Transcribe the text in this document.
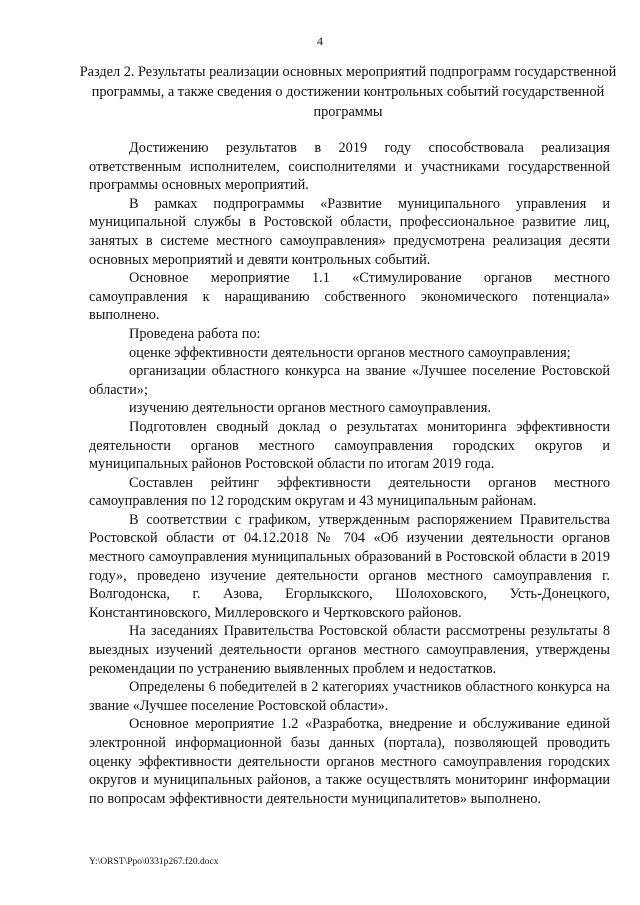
4
Раздел 2. Результаты реализации основных мероприятий подпрограмм государственной программы, а также сведения о достижении контрольных событий государственной программы

Достижению результатов в 2019 году способствовала реализация ответственным исполнителем, соисполнителями и участниками государственной программы основных мероприятий.

В рамках подпрограммы «Развитие муниципального управления и муниципальной службы в Ростовской области, профессиональное развитие лиц, занятых в системе местного самоуправления» предусмотрена реализация десяти основных мероприятий и девяти контрольных событий.

Основное мероприятие 1.1 «Стимулирование органов местного самоуправления к наращиванию собственного экономического потенциала» выполнено.

Проведена работа по:

оценке эффективности деятельности органов местного самоуправления;

организации областного конкурса на звание «Лучшее поселение Ростовской области»;

изучению деятельности органов местного самоуправления.

Подготовлен сводный доклад о результатах мониторинга эффективности деятельности органов местного самоуправления городских округов и муниципальных районов Ростовской области по итогам 2019 года.

Составлен рейтинг эффективности деятельности органов местного самоуправления по 12 городским округам и 43 муниципальным районам.

В соответствии с графиком, утвержденным распоряжением Правительства Ростовской области от 04.12.2018 № 704 «Об изучении деятельности органов местного самоуправления муниципальных образований в Ростовской области в 2019 году», проведено изучение деятельности органов местного самоуправления г. Волгодонска, г. Азова, Егорлыкского, Шолоховского, Усть-Донецкого, Константиновского, Миллеровского и Чертковского районов.

На заседаниях Правительства Ростовской области рассмотрены результаты 8 выездных изучений деятельности органов местного самоуправления, утверждены рекомендации по устранению выявленных проблем и недостатков.

Определены 6 победителей в 2 категориях участников областного конкурса на звание «Лучшее поселение Ростовской области».

Основное мероприятие 1.2 «Разработка, внедрение и обслуживание единой электронной информационной базы данных (портала), позволяющей проводить оценку эффективности деятельности органов местного самоуправления городских округов и муниципальных районов, а также осуществлять мониторинг информации по вопросам эффективности деятельности муниципалитетов» выполнено.

Y:\ORST\Ppo\0331p267.f20.docx
